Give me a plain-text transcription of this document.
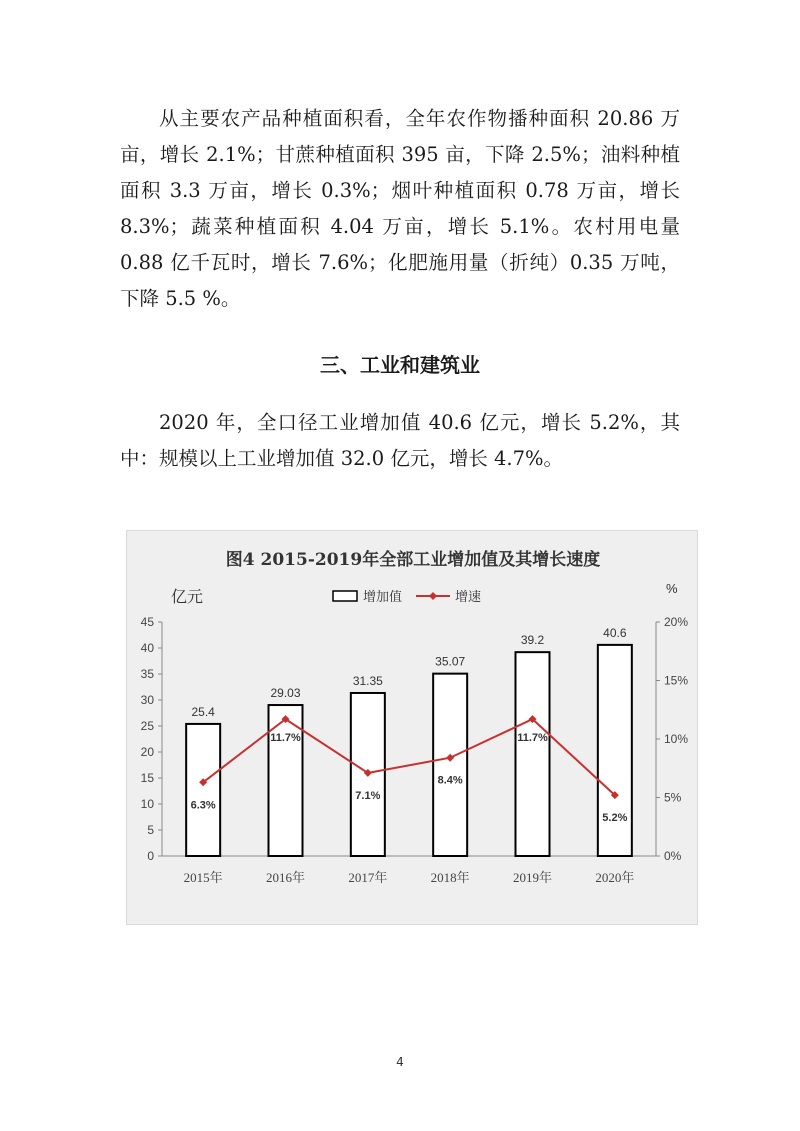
从主要农产品种植面积看，全年农作物播种面积 20.86 万亩，增长 2.1%；甘蔗种植面积 395 亩，下降 2.5%；油料种植面积 3.3 万亩，增长 0.3%；烟叶种植面积 0.78 万亩，增长 8.3%；蔬菜种植面积 4.04 万亩，增长 5.1%。农村用电量 0.88 亿千瓦时，增长 7.6%；化肥施用量（折纯）0.35 万吨，下降 5.5 %。

三、工业和建筑业

2020 年，全口径工业增加值 40.6 亿元，增长 5.2%，其中：规模以上工业增加值 32.0 亿元，增长 4.7%。

图4 2015-2019年全部工业增加值及其增长速度
0
5
10
15
20
25
30
35
40
45
0%
5%
10%
15%
20%
亿元
%
增加值	增速
25.4
29.03
31.35
35.07
39.2
40.6
6.3%
11.7%
7.1%
8.4%
11.7%
5.2%
2015年	2016年	2017年	2018年	2019年	2020年
4
